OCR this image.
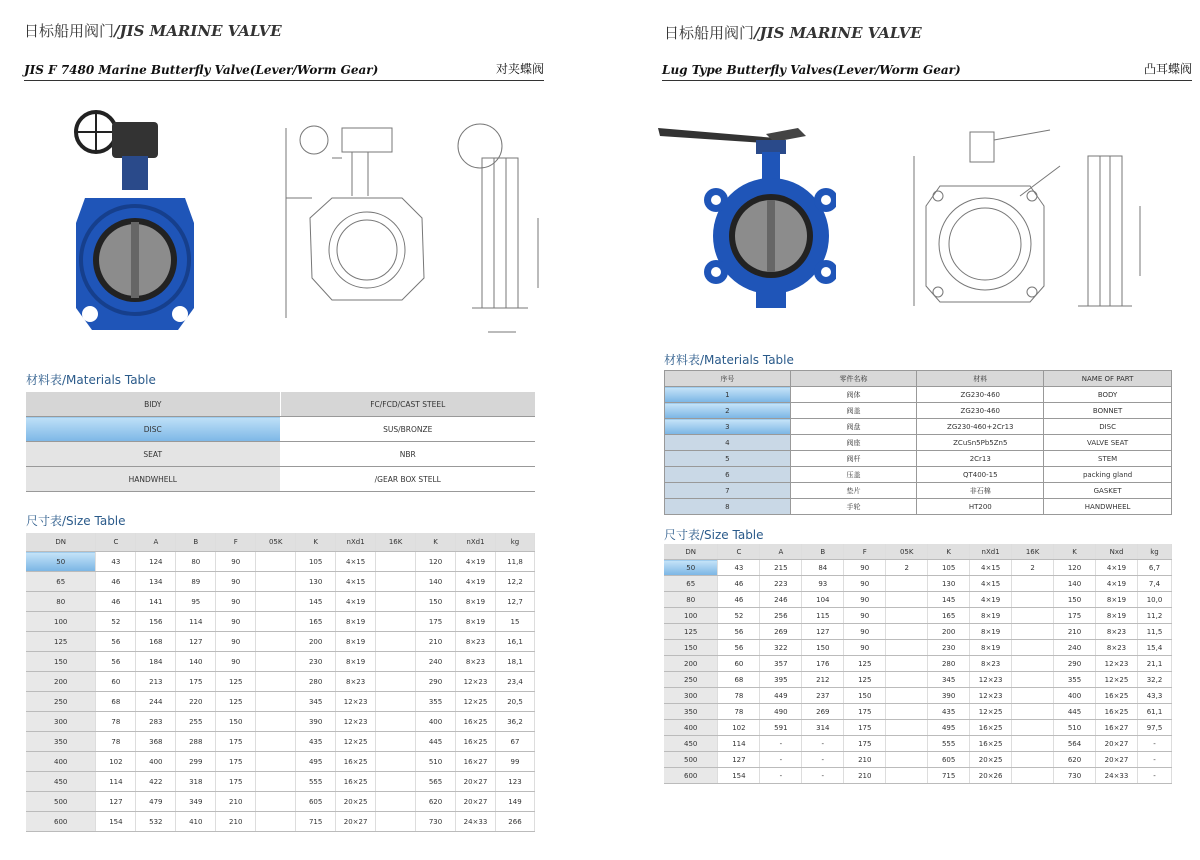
日标船用阀门/JIS MARINE VALVE
JIS F 7480 Marine Butterfly Valve(Lever/Worm Gear)	对夹蝶阀
材料表/Materials Table
BIDY	FC/FCD/CAST STEEL
DISC	SUS/BRONZE
SEAT	NBR
HANDWHELL	/GEAR BOX STELL
尺寸表/Size Table
DN	C	A	B	F	05K	K	nXd1	16K	K	nXd1	kg
50	43	124	80	90		105	4×15		120	4×19	11,8
65	46	134	89	90		130	4×15		140	4×19	12,2
80	46	141	95	90		145	4×19		150	8×19	12,7
100	52	156	114	90		165	8×19		175	8×19	15
125	56	168	127	90		200	8×19		210	8×23	16,1
150	56	184	140	90		230	8×19		240	8×23	18,1
200	60	213	175	125		280	8×23		290	12×23	23,4
250	68	244	220	125		345	12×23		355	12×25	20,5
300	78	283	255	150		390	12×23		400	16×25	36,2
350	78	368	288	175		435	12×25		445	16×25	67
400	102	400	299	175		495	16×25		510	16×27	99
450	114	422	318	175		555	16×25		565	20×27	123
500	127	479	349	210		605	20×25		620	20×27	149
600	154	532	410	210		715	20×27		730	24×33	266
日标船用阀门/JIS MARINE VALVE
Lug Type Butterfly Valves(Lever/Worm Gear)	凸耳蝶阀
材料表/Materials Table
序号	零件名称	材料	NAME OF PART
1	阀体	ZG230-460	BODY
2	阀盖	ZG230-460	BONNET
3	阀盘	ZG230-460+2Cr13	DISC
4	阀座	ZCuSn5Pb5Zn5	VALVE SEAT
5	阀杆	2Cr13	STEM
6	压盖	QT400-15	packing gland
7	垫片	非石棉	GASKET
8	手轮	HT200	HANDWHEEL
尺寸表/Size Table
DN	C	A	B	F	05K	K	nXd1	16K	K	Nxd	kg
50	43	215	84	90	2	105	4×15	2	120	4×19	6,7
65	46	223	93	90		130	4×15		140	4×19	7,4
80	46	246	104	90		145	4×19		150	8×19	10,0
100	52	256	115	90		165	8×19		175	8×19	11,2
125	56	269	127	90		200	8×19		210	8×23	11,5
150	56	322	150	90		230	8×19		240	8×23	15,4
200	60	357	176	125		280	8×23		290	12×23	21,1
250	68	395	212	125		345	12×23		355	12×25	32,2
300	78	449	237	150		390	12×23		400	16×25	43,3
350	78	490	269	175		435	12×25		445	16×25	61,1
400	102	591	314	175		495	16×25		510	16×27	97,5
450	114	-	-	175		555	16×25		564	20×27	-
500	127	-	-	210		605	20×25		620	20×27	-
600	154	-	-	210		715	20×26		730	24×33	-
